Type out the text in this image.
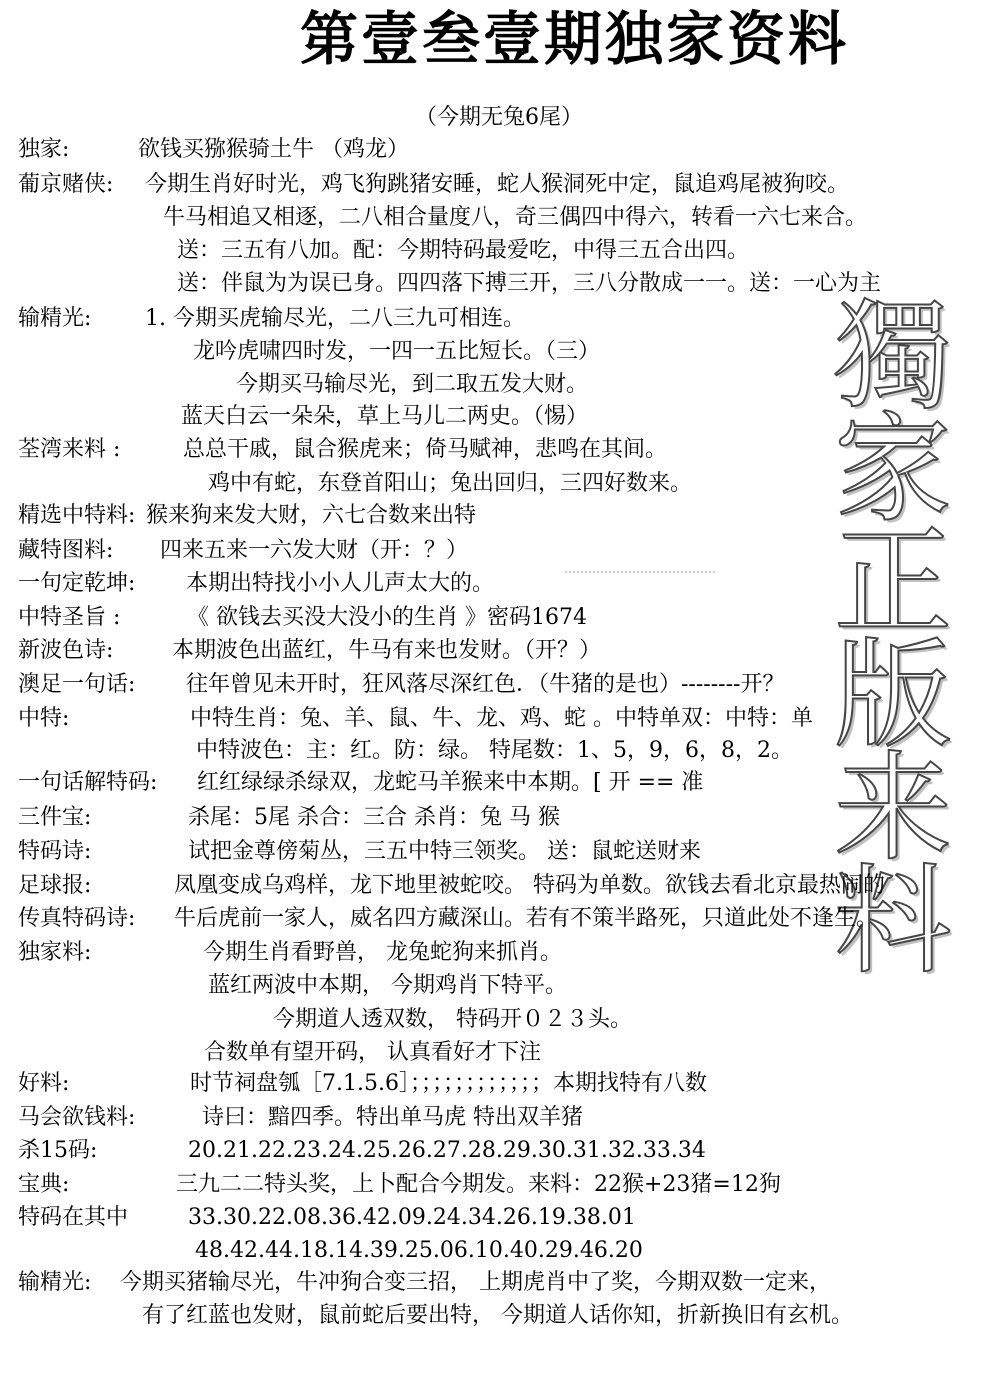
第壹叁壹期独家资料
（今期无兔6尾）
獨
家
正
版
来
料
独家:
葡京赌侠:
输精光:
荃湾来料 :
精选中特料:
藏特图料:
一句定乾坤:
中特圣旨 :
新波色诗:
澳足一句话:
中特:
一句话解特码:
三件宝:
特码诗:
足球报:
传真特码诗:
独家料:
好料:
马会欲钱料:
杀15码:
宝典:
特码在其中
输精光:
欲钱买猕猴骑土牛 （鸡龙）
今期生肖好时光，鸡飞狗跳猪安睡，蛇人猴洞死中定，鼠追鸡尾被狗咬。
牛马相追又相逐，二八相合量度八，奇三偶四中得六，转看一六七来合。
送：三五有八加。配：今期特码最爱吃，中得三五合出四。
送：伴鼠为为误已身。四四落下搏三开，三八分散成一一。送：一心为主
1. 今期买虎输尽光，二八三九可相连。
龙吟虎啸四时发，一四一五比短长。（三）
今期买马输尽光，到二取五发大财。
蓝天白云一朵朵，草上马儿二两史。（惕）
总总干戚，鼠合猴虎来；倚马赋神，悲鸣在其间。
鸡中有蛇，东登首阳山；兔出回归，三四好数来。
猴来狗来发大财，六七合数来出特
四来五来一六发大财（开：？）
本期出特找小小人儿声太大的。
《 欲钱去买没大没小的生肖 》密码1674
本期波色出蓝红，牛马有来也发财。（开？）
往年曾见未开时，狂风落尽深红色．（牛猪的是也）--------开？
中特生肖：兔、羊、鼠、牛、龙、鸡、蛇 。中特单双：中特：单
中特波色：主：红。防：绿。 特尾数：1、5，9，6，8，2。
红红绿绿杀绿双，龙蛇马羊猴来中本期。[ 开 == 准
杀尾：5尾 杀合：三合 杀肖：兔 马 猴
试把金尊傍菊丛，三五中特三领奖。 送：鼠蛇送财来
凤凰变成乌鸡样，龙下地里被蛇咬。 特码为单数。欲钱去看北京最热闹的
牛后虎前一家人，威名四方藏深山。若有不策半路死，只道此处不逢生。
今期生肖看野兽， 龙兔蛇狗来抓肖。
蓝红两波中本期， 今期鸡肖下特平。
今期道人透双数， 特码开０２３头。
合数单有望开码， 认真看好才下注
时节祠盘瓠［7.1.5.6］；；；；；；；；；；；；本期找特有八数
诗曰：黯四季。特出单马虎 特出双羊猪
20.21.22.23.24.25.26.27.28.29.30.31.32.33.34
三九二二特头奖，上卜配合今期发。来料：22猴+23猪=12狗
33.30.22.08.36.42.09.24.34.26.19.38.01
48.42.44.18.14.39.25.06.10.40.29.46.20
今期买猪输尽光，牛冲狗合变三招， 上期虎肖中了奖，今期双数一定来，
有了红蓝也发财，鼠前蛇后要出特， 今期道人话你知，折新换旧有玄机。
